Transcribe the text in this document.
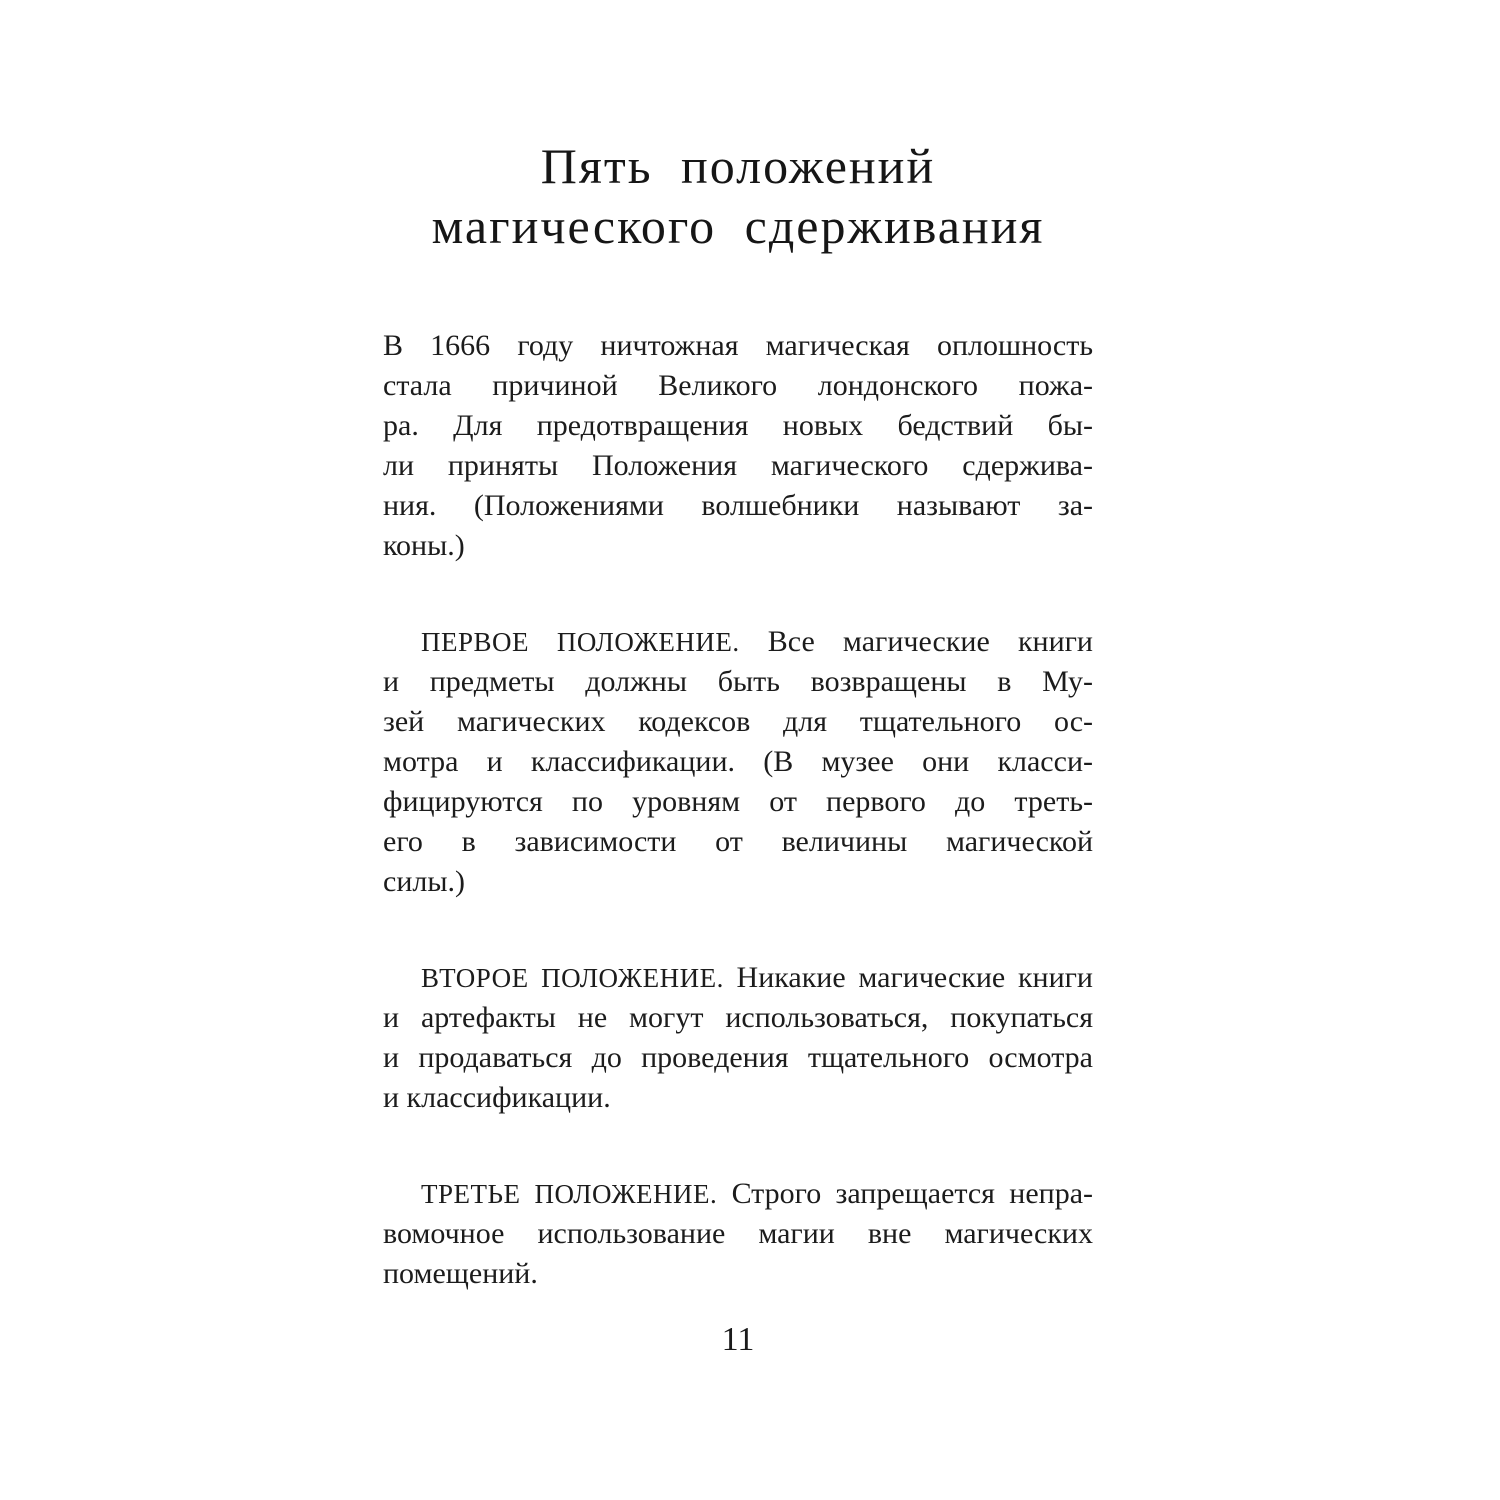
Пять положений
магического сдерживания
В 1666 году ничтожная магическая оплошность
стала причиной Великого лондонского пожа-
ра. Для предотвращения новых бедствий бы-
ли приняты Положения магического сдержива-
ния. (Положениями волшебники называют за-
коны.)
ПЕРВОЕ ПОЛОЖЕНИЕ. Все магические книги
и предметы должны быть возвращены в Му-
зей магических кодексов для тщательного ос-
мотра и классификации. (В музее они класси-
фицируются по уровням от первого до треть-
его в зависимости от величины магической
силы.)
ВТОРОЕ ПОЛОЖЕНИЕ. Никакие магические книги
и артефакты не могут использоваться, покупаться
и продаваться до проведения тщательного осмотра
и классификации.
ТРЕТЬЕ ПОЛОЖЕНИЕ. Строго запрещается непра-
вомочное использование магии вне магических
помещений.
11
